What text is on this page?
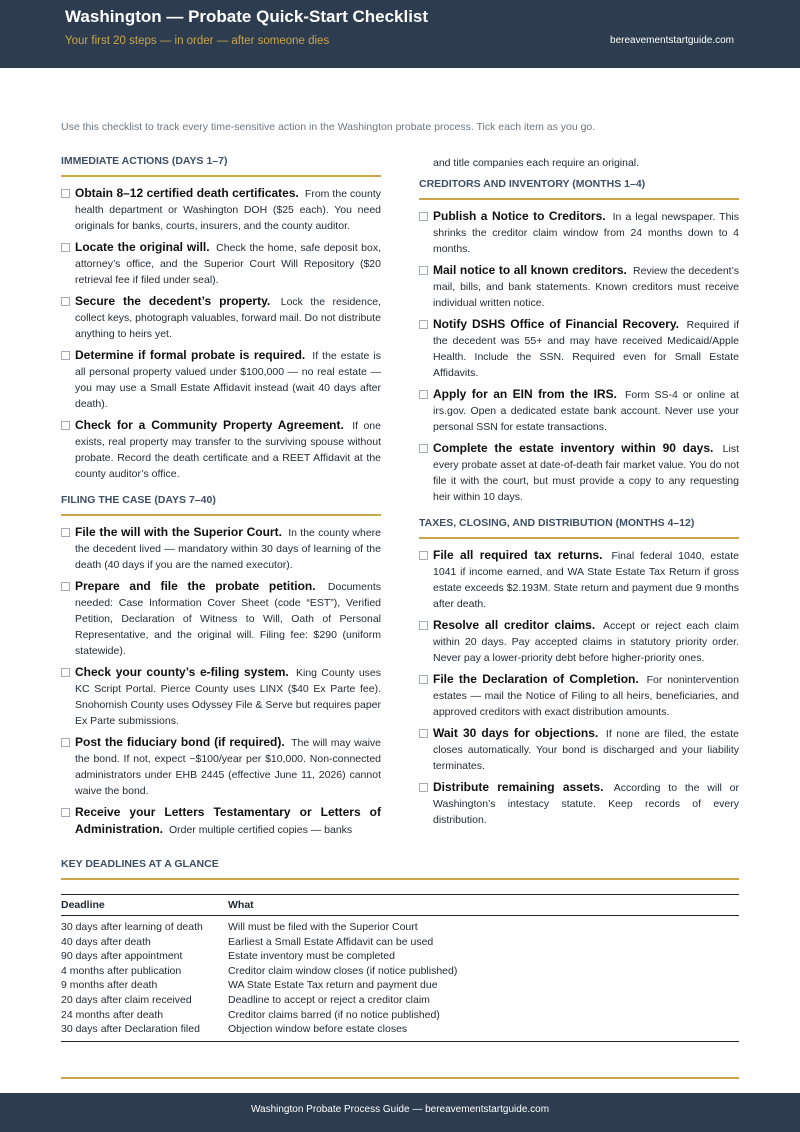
Washington — Probate Quick-Start Checklist
Your first 20 steps — in order — after someone dies	bereavementstartguide.com
Use this checklist to track every time-sensitive action in the Washington probate process. Tick each item as you go.
IMMEDIATE ACTIONS (DAYS 1–7)
Obtain 8–12 certified death certificates. From the county health department or Washington DOH ($25 each). You need originals for banks, courts, insurers, and the county auditor.
Locate the original will. Check the home, safe deposit box, attorney’s office, and the Superior Court Will Repository ($20 retrieval fee if filed under seal).
Secure the decedent’s property. Lock the residence, collect keys, photograph valuables, forward mail. Do not distribute anything to heirs yet.
Determine if formal probate is required. If the estate is all personal property valued under $100,000 — no real estate — you may use a Small Estate Affidavit instead (wait 40 days after death).
Check for a Community Property Agreement. If one exists, real property may transfer to the surviving spouse without probate. Record the death certificate and a REET Affidavit at the county auditor’s office.
FILING THE CASE (DAYS 7–40)
File the will with the Superior Court. In the county where the decedent lived — mandatory within 30 days of learning of the death (40 days if you are the named executor).
Prepare and file the probate petition. Documents needed: Case Information Cover Sheet (code “EST”), Verified Petition, Declaration of Witness to Will, Oath of Personal Representative, and the original will. Filing fee: $290 (uniform statewide).
Check your county’s e-filing system. King County uses KC Script Portal. Pierce County uses LINX ($40 Ex Parte fee). Snohomish County uses Odyssey File & Serve but requires paper Ex Parte submissions.
Post the fiduciary bond (if required). The will may waive the bond. If not, expect ~$100/year per $10,000. Non-connected administrators under EHB 2445 (effective June 11, 2026) cannot waive the bond.
Receive your Letters Testamentary or Letters of Administration. Order multiple certified copies — banks
and title companies each require an original.
CREDITORS AND INVENTORY (MONTHS 1–4)
Publish a Notice to Creditors. In a legal newspaper. This shrinks the creditor claim window from 24 months down to 4 months.
Mail notice to all known creditors. Review the decedent’s mail, bills, and bank statements. Known creditors must receive individual written notice.
Notify DSHS Office of Financial Recovery. Required if the decedent was 55+ and may have received Medicaid/Apple Health. Include the SSN. Required even for Small Estate Affidavits.
Apply for an EIN from the IRS. Form SS-4 or online at irs.gov. Open a dedicated estate bank account. Never use your personal SSN for estate transactions.
Complete the estate inventory within 90 days. List every probate asset at date-of-death fair market value. You do not file it with the court, but must provide a copy to any requesting heir within 10 days.
TAXES, CLOSING, AND DISTRIBUTION (MONTHS 4–12)
File all required tax returns. Final federal 1040, estate 1041 if income earned, and WA State Estate Tax Return if gross estate exceeds $2.193M. State return and payment due 9 months after death.
Resolve all creditor claims. Accept or reject each claim within 20 days. Pay accepted claims in statutory priority order. Never pay a lower-priority debt before higher-priority ones.
File the Declaration of Completion. For nonintervention estates — mail the Notice of Filing to all heirs, beneficiaries, and approved creditors with exact distribution amounts.
Wait 30 days for objections. If none are filed, the estate closes automatically. Your bond is discharged and your liability terminates.
Distribute remaining assets. According to the will or Washington’s intestacy statute. Keep records of every distribution.
KEY DEADLINES AT A GLANCE
Deadline	What
30 days after learning of death	Will must be filed with the Superior Court
40 days after death	Earliest a Small Estate Affidavit can be used
90 days after appointment	Estate inventory must be completed
4 months after publication	Creditor claim window closes (if notice published)
9 months after death	WA State Estate Tax return and payment due
20 days after claim received	Deadline to accept or reject a creditor claim
24 months after death	Creditor claims barred (if no notice published)
30 days after Declaration filed	Objection window before estate closes
Washington Probate Process Guide — bereavementstartguide.com
